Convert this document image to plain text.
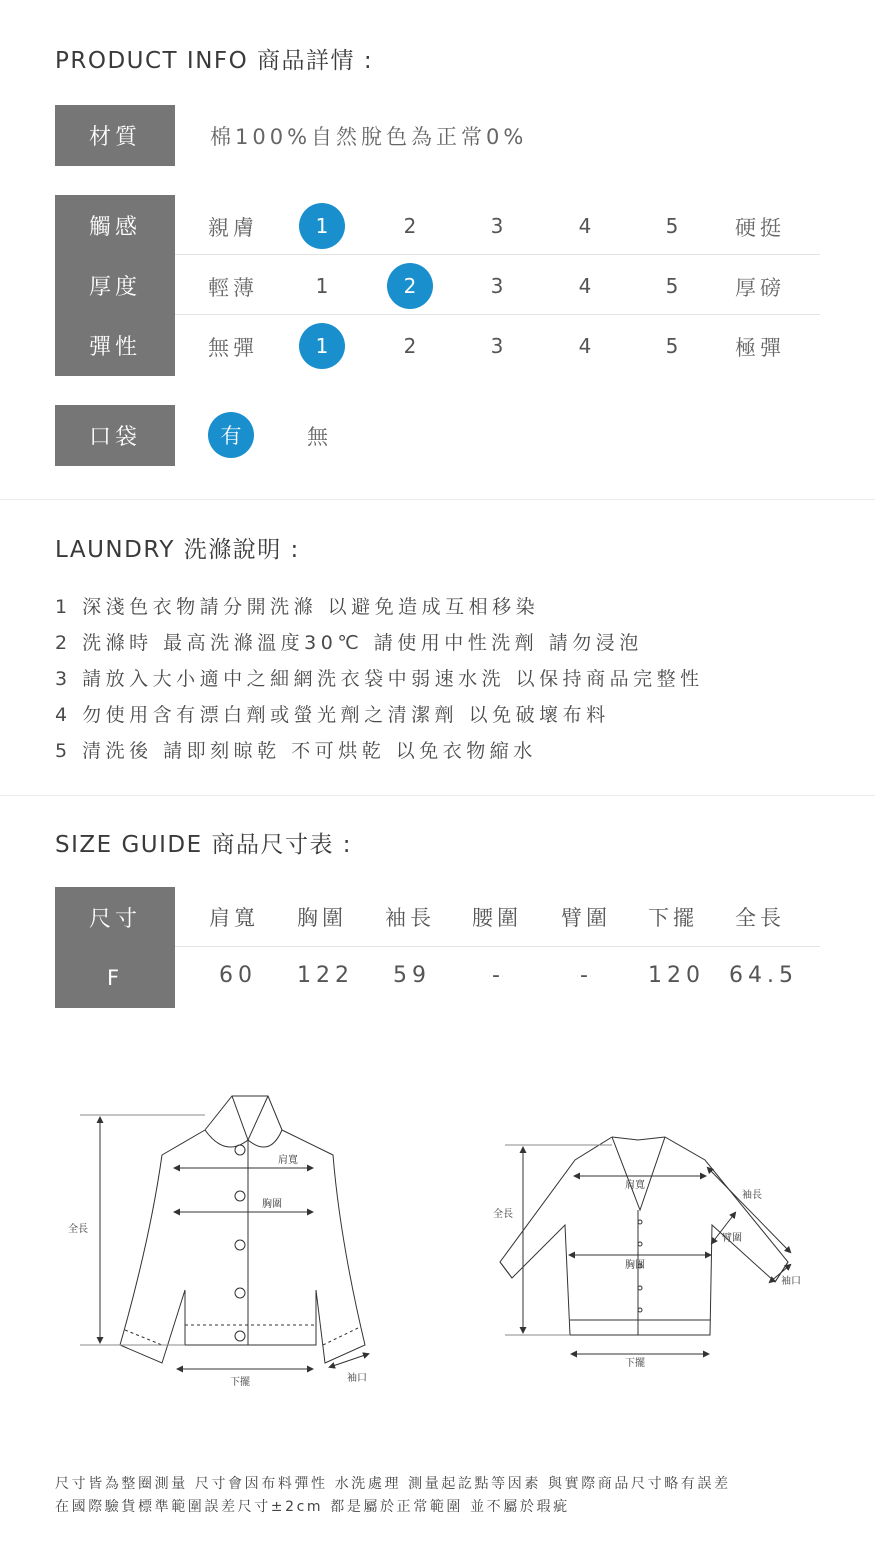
PRODUCT INFO 商品詳情 :
材質	棉100%自然脫色為正常0%
觸感	親膚	1	2	3	4	5	硬挺
厚度	輕薄	1	2	3	4	5	厚磅
彈性	無彈	1	2	3	4	5	極彈
口袋	有	無
LAUNDRY 洗滌說明 :
1 深淺色衣物請分開洗滌 以避免造成互相移染
2 洗滌時 最高洗滌溫度30℃ 請使用中性洗劑 請勿浸泡
3 請放入大小適中之細網洗衣袋中弱速水洗 以保持商品完整性
4 勿使用含有漂白劑或螢光劑之清潔劑 以免破壞布料
5 清洗後 請即刻晾乾 不可烘乾 以免衣物縮水
SIZE GUIDE 商品尺寸表 :
尺寸	肩寬 胸圍 袖長 腰圍 臂圍 下擺 全長
F	60 122 59	-	-	120 64.5
肩寬
胸圍
全長
下擺	袖口
肩寬
全長
袖長
臂圍
胸圍
袖口
下擺
尺寸皆為整圈測量 尺寸會因布料彈性 水洗處理 測量起訖點等因素 與實際商品尺寸略有誤差
在國際驗貨標準範圍誤差尺寸±2cm 都是屬於正常範圍 並不屬於瑕疵
